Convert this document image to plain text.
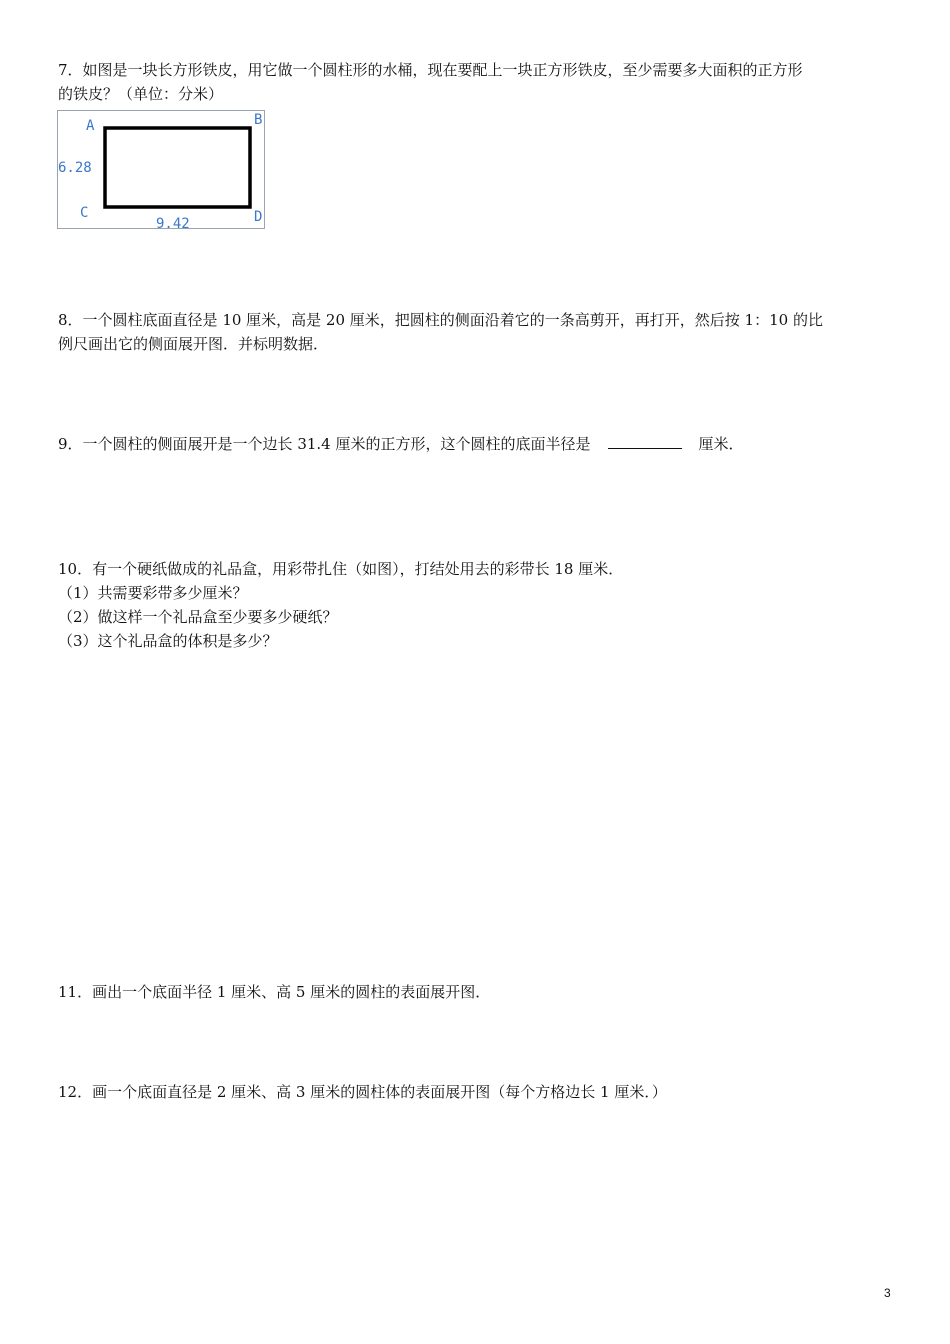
7．如图是一块长方形铁皮，用它做一个圆柱形的水桶，现在要配上一块正方形铁皮，至少需要多大面积的正方形

的铁皮？（单位：分米）

A	B
C	D
6.28
9.42

8．一个圆柱底面直径是 10 厘米，高是 20 厘米，把圆柱的侧面沿着它的一条高剪开，再打开，然后按 1：10 的比

例尺画出它的侧面展开图．并标明数据．

9．一个圆柱的侧面展开是一个边长 31.4 厘米的正方形，这个圆柱的底面半径是	厘米．

10．有一个硬纸做成的礼品盒，用彩带扎住（如图），打结处用去的彩带长 18 厘米．

（1）共需要彩带多少厘米？

（2）做这样一个礼品盒至少要多少硬纸？

（3）这个礼品盒的体积是多少？

11．画出一个底面半径 1 厘米、高 5 厘米的圆柱的表面展开图．

12．画一个底面直径是 2 厘米、高 3 厘米的圆柱体的表面展开图（每个方格边长 1 厘米．）

3
